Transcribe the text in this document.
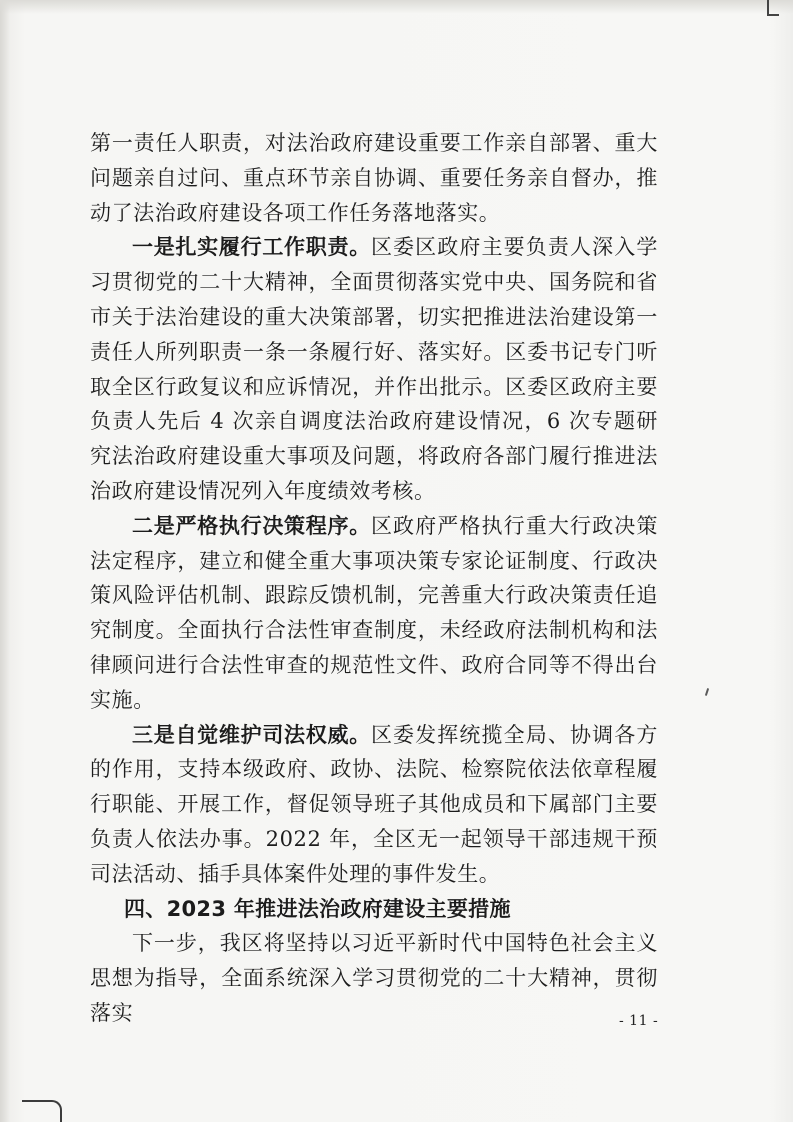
第一责任人职责，对法治政府建设重要工作亲自部署、重大问题亲自过问、重点环节亲自协调、重要任务亲自督办，推动了法治政府建设各项工作任务落地落实。

一是扎实履行工作职责。区委区政府主要负责人深入学习贯彻党的二十大精神，全面贯彻落实党中央、国务院和省市关于法治建设的重大决策部署，切实把推进法治建设第一责任人所列职责一条一条履行好、落实好。区委书记专门听取全区行政复议和应诉情况，并作出批示。区委区政府主要负责人先后 4 次亲自调度法治政府建设情况，6 次专题研究法治政府建设重大事项及问题，将政府各部门履行推进法治政府建设情况列入年度绩效考核。

二是严格执行决策程序。区政府严格执行重大行政决策法定程序，建立和健全重大事项决策专家论证制度、行政决策风险评估机制、跟踪反馈机制，完善重大行政决策责任追究制度。全面执行合法性审查制度，未经政府法制机构和法律顾问进行合法性审查的规范性文件、政府合同等不得出台实施。

三是自觉维护司法权威。区委发挥统揽全局、协调各方的作用，支持本级政府、政协、法院、检察院依法依章程履行职能、开展工作，督促领导班子其他成员和下属部门主要负责人依法办事。2022 年，全区无一起领导干部违规干预司法活动、插手具体案件处理的事件发生。

四、2023 年推进法治政府建设主要措施

下一步，我区将坚持以习近平新时代中国特色社会主义思想为指导，全面系统深入学习贯彻党的二十大精神，贯彻落实	- 11 -
